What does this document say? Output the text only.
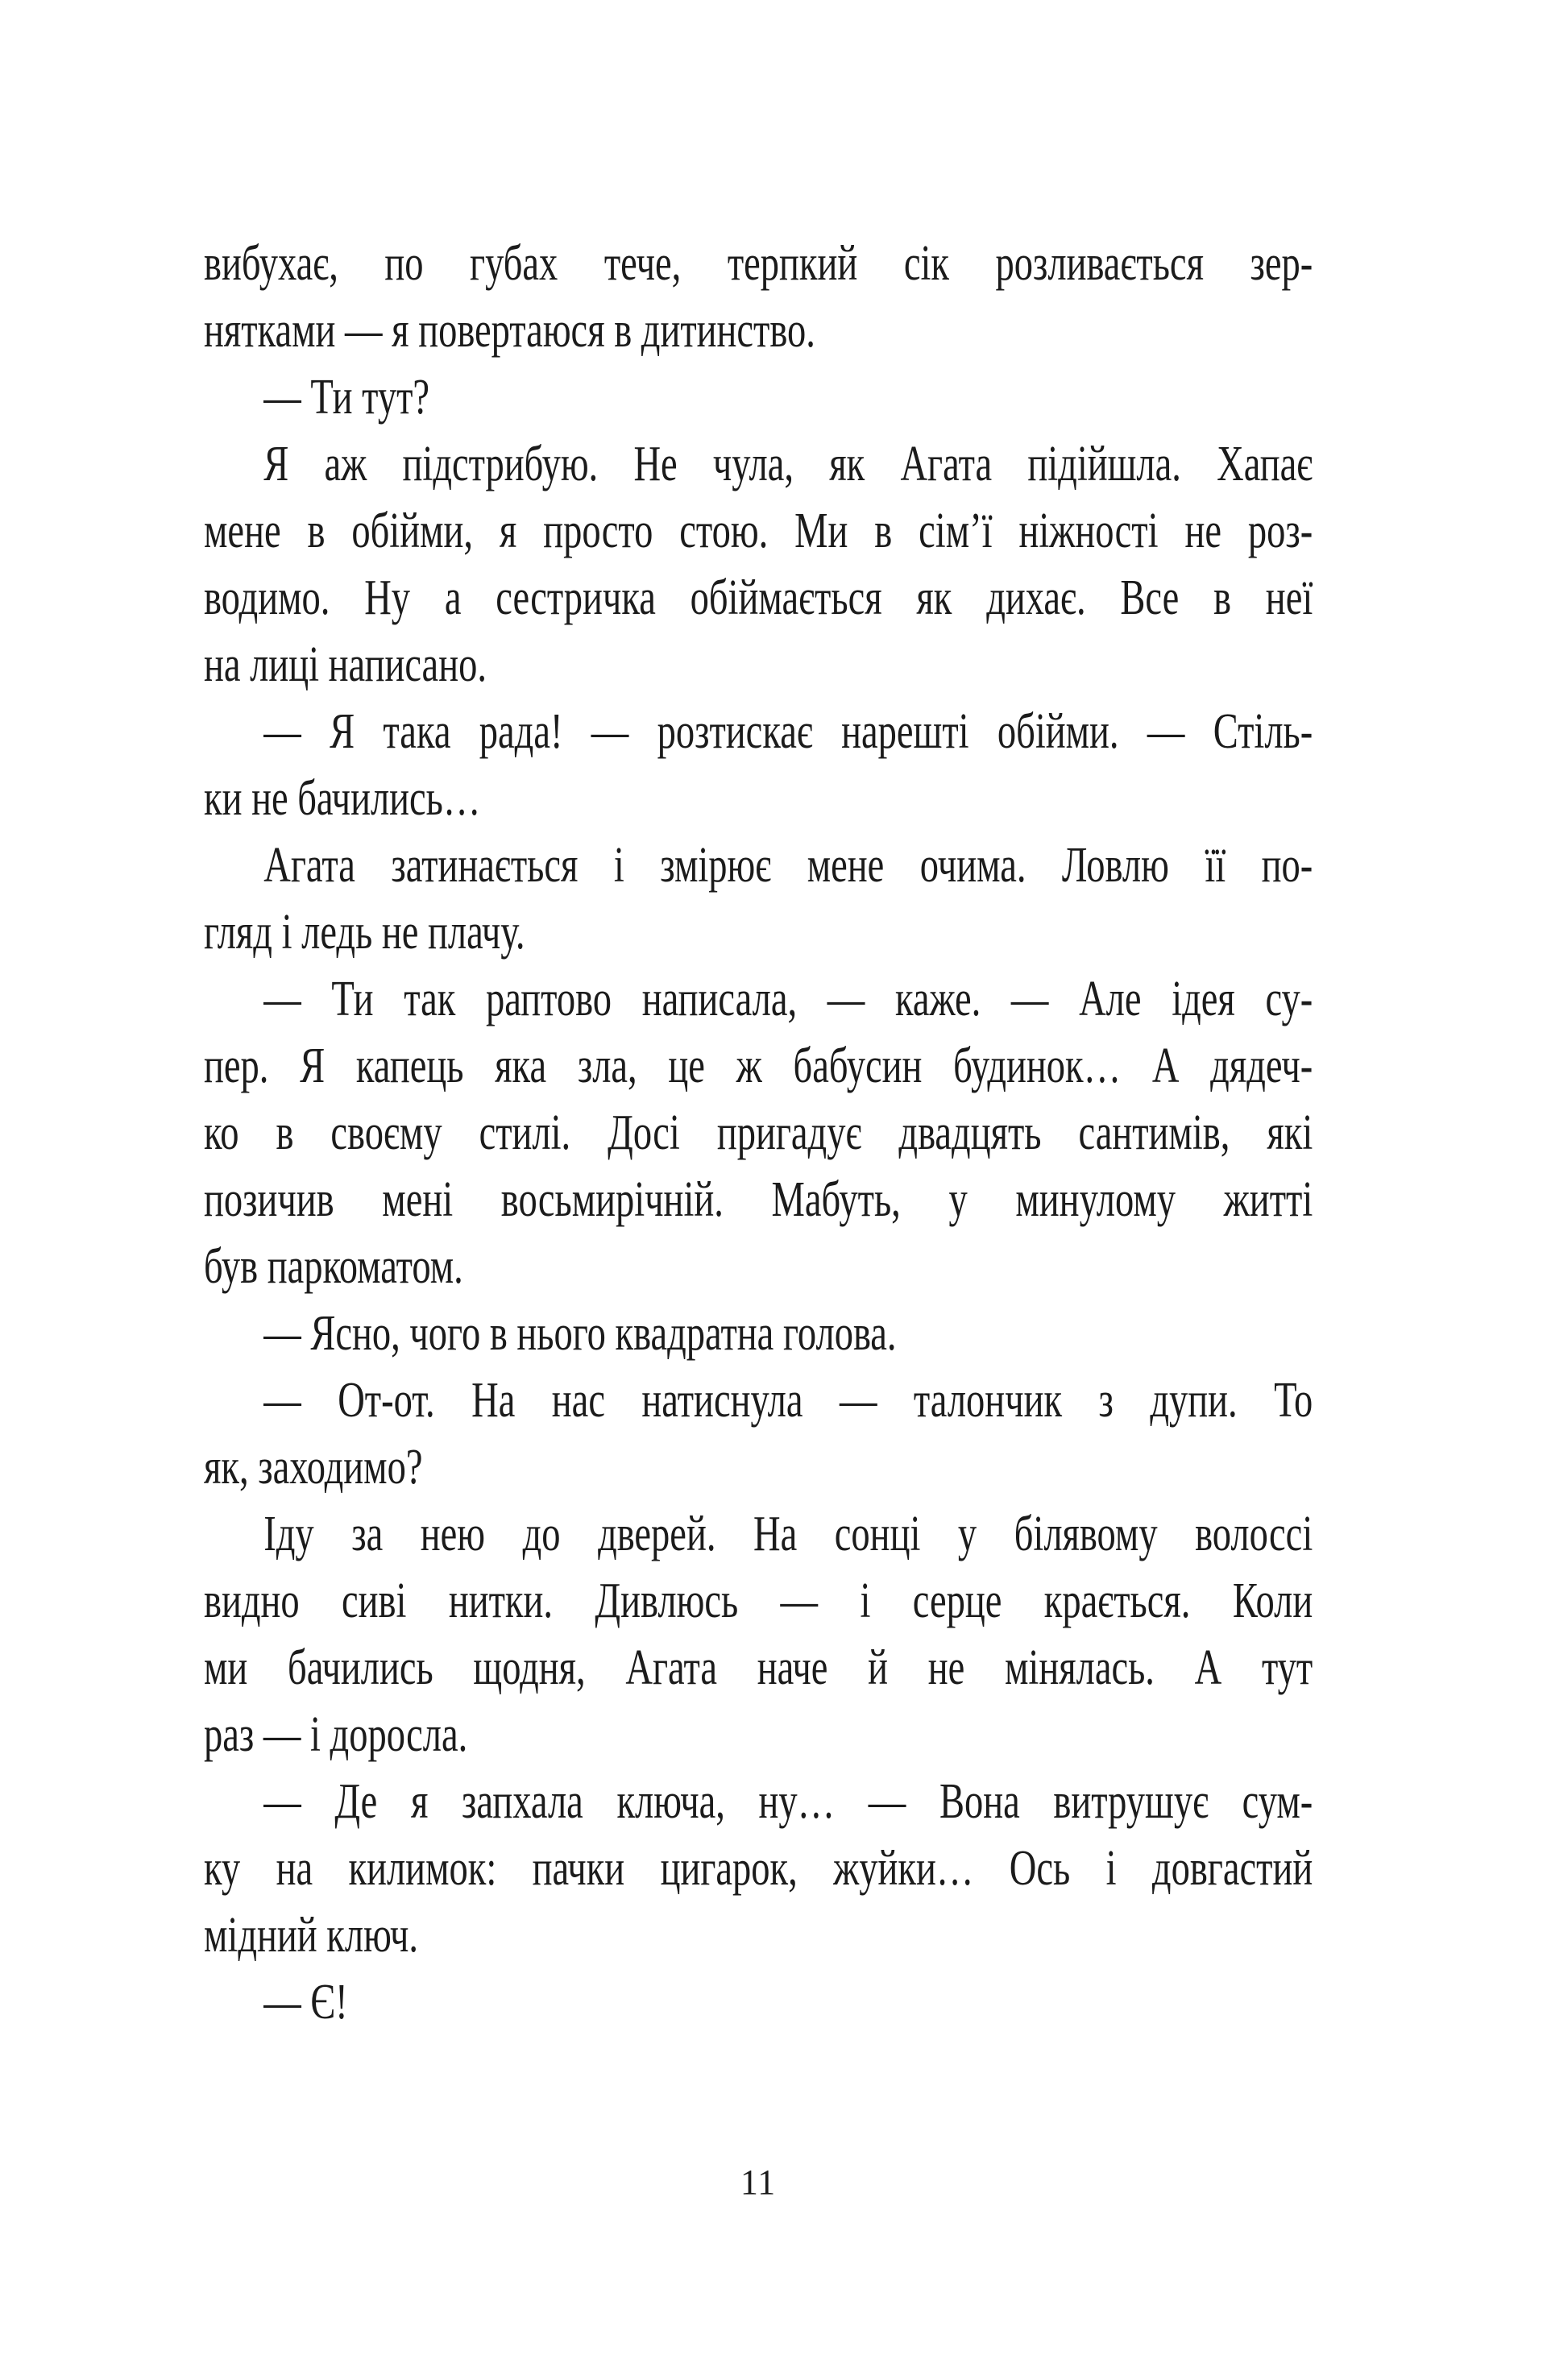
вибухає, по губах тече, терпкий сік розливається зер-
нятками — я повертаюся в дитинство.
— Ти тут?
Я аж підстрибую. Не чула, як Агата підійшла. Хапає
мене в обійми, я просто стою. Ми в сім’ї ніжності не роз-
водимо. Ну а сестричка обіймається як дихає. Все в неї
на лиці написано.
— Я така рада! — розтискає нарешті обійми. — Стіль-
ки не бачились…
Агата затинається і змірює мене очима. Ловлю її по-
гляд і ледь не плачу.
— Ти так раптово написала, — каже. — Але ідея су-
пер. Я капець яка зла, це ж бабусин будинок… А дядеч-
ко в своєму стилі. Досі пригадує двадцять сантимів, які
позичив мені восьмирічній. Мабуть, у минулому житті
був паркоматом.
— Ясно, чого в нього квадратна голова.
— От-от. На нас натиснула — талончик з дупи. То
як, заходимо?
Іду за нею до дверей. На сонці у білявому волоссі
видно сиві нитки. Дивлюсь — і серце крається. Коли
ми бачились щодня, Агата наче й не мінялась. А тут
раз — і доросла.
— Де я запхала ключа, ну… — Вона витрушує сум-
ку на килимок: пачки цигарок, жуйки… Ось і довгастий
мідний ключ.
— Є!
11
